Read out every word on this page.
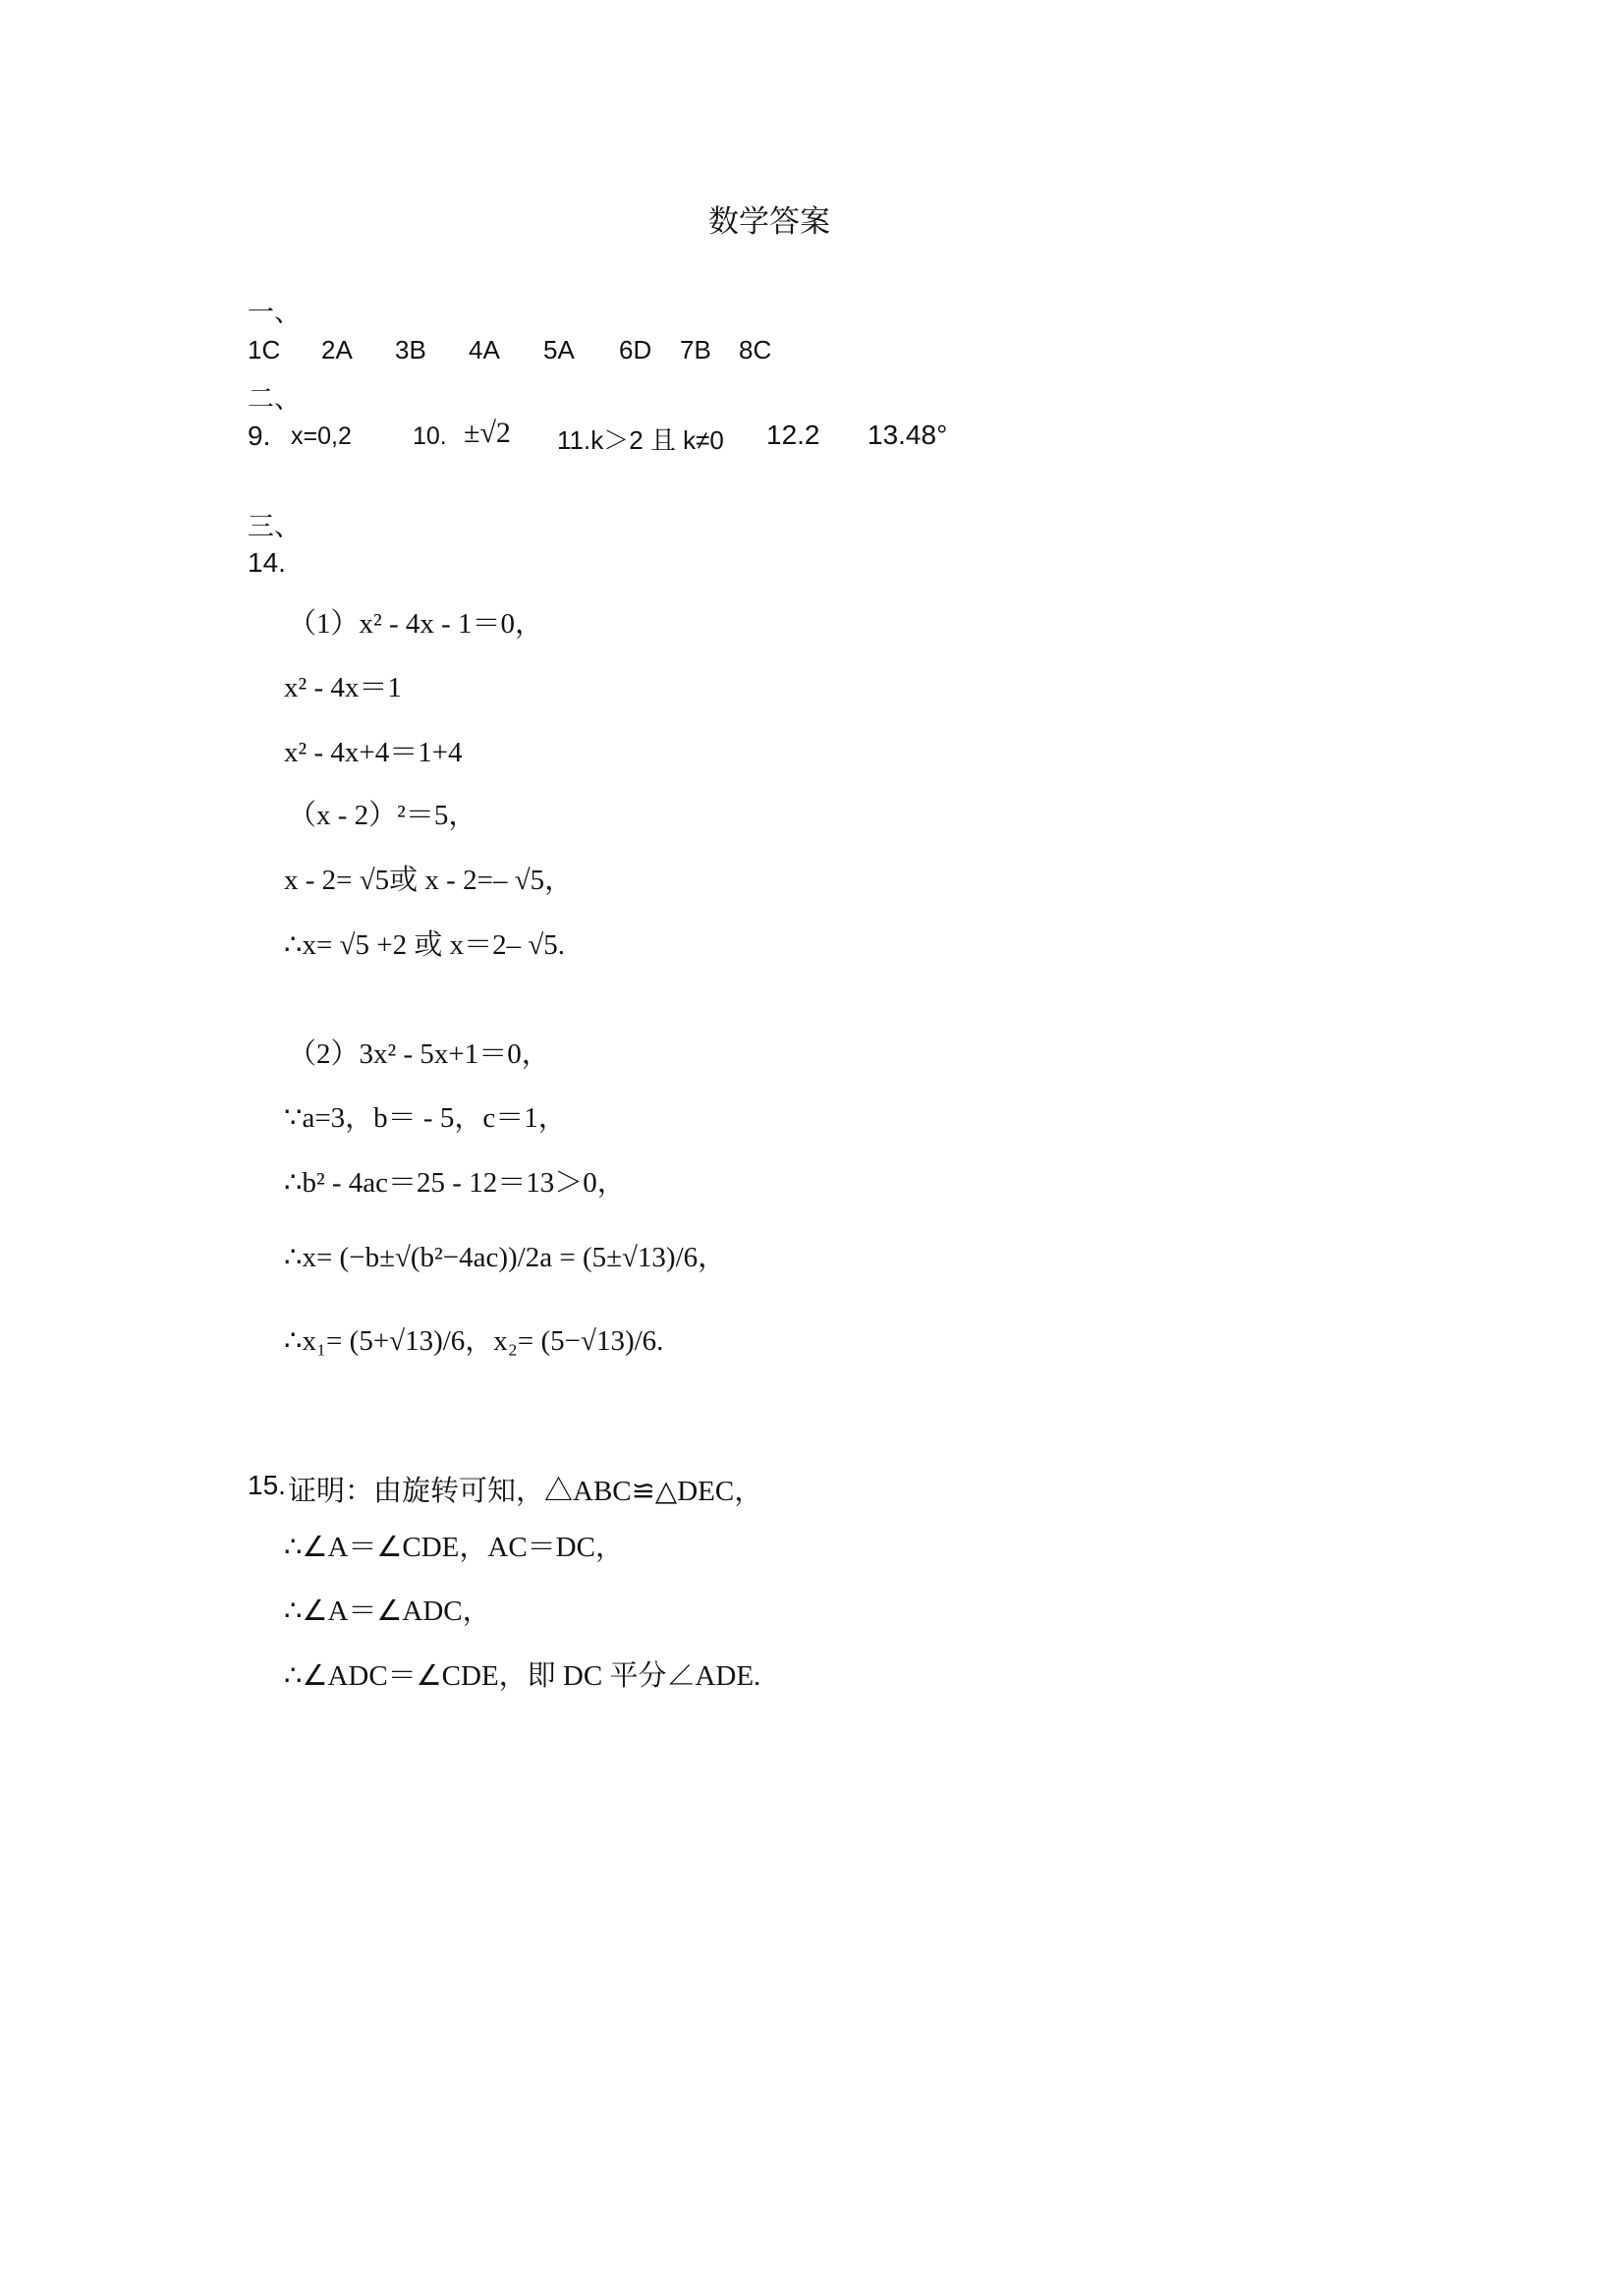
数学答案
一、
1C 2A 3B 4A 5A 6D 7B 8C
二、
9. x=0,2 10. ±√2 11.k＞2 且 k≠0 12.2 13.48°
三、
14.
（1）x² - 4x - 1＝0，
x² - 4x＝1
x² - 4x+4＝1+4
（x - 2）²＝5，
x - 2= √5或 x - 2=– √5，
∴x= √5 +2 或 x＝2– √5.
（2）3x² - 5x+1＝0，
∵a=3，b＝ - 5，c＝1，
∴b² - 4ac＝25 - 12＝13＞0，
∴x= (−b±√(b²−4ac))/2a = (5±√13)/6，
∴x₁= (5+√13)/6，x₂= (5−√13)/6.
15. 证明：由旋转可知，△ABC≌△DEC，
∴∠A＝∠CDE，AC＝DC，
∴∠A＝∠ADC，
∴∠ADC＝∠CDE，即 DC 平分∠ADE.
